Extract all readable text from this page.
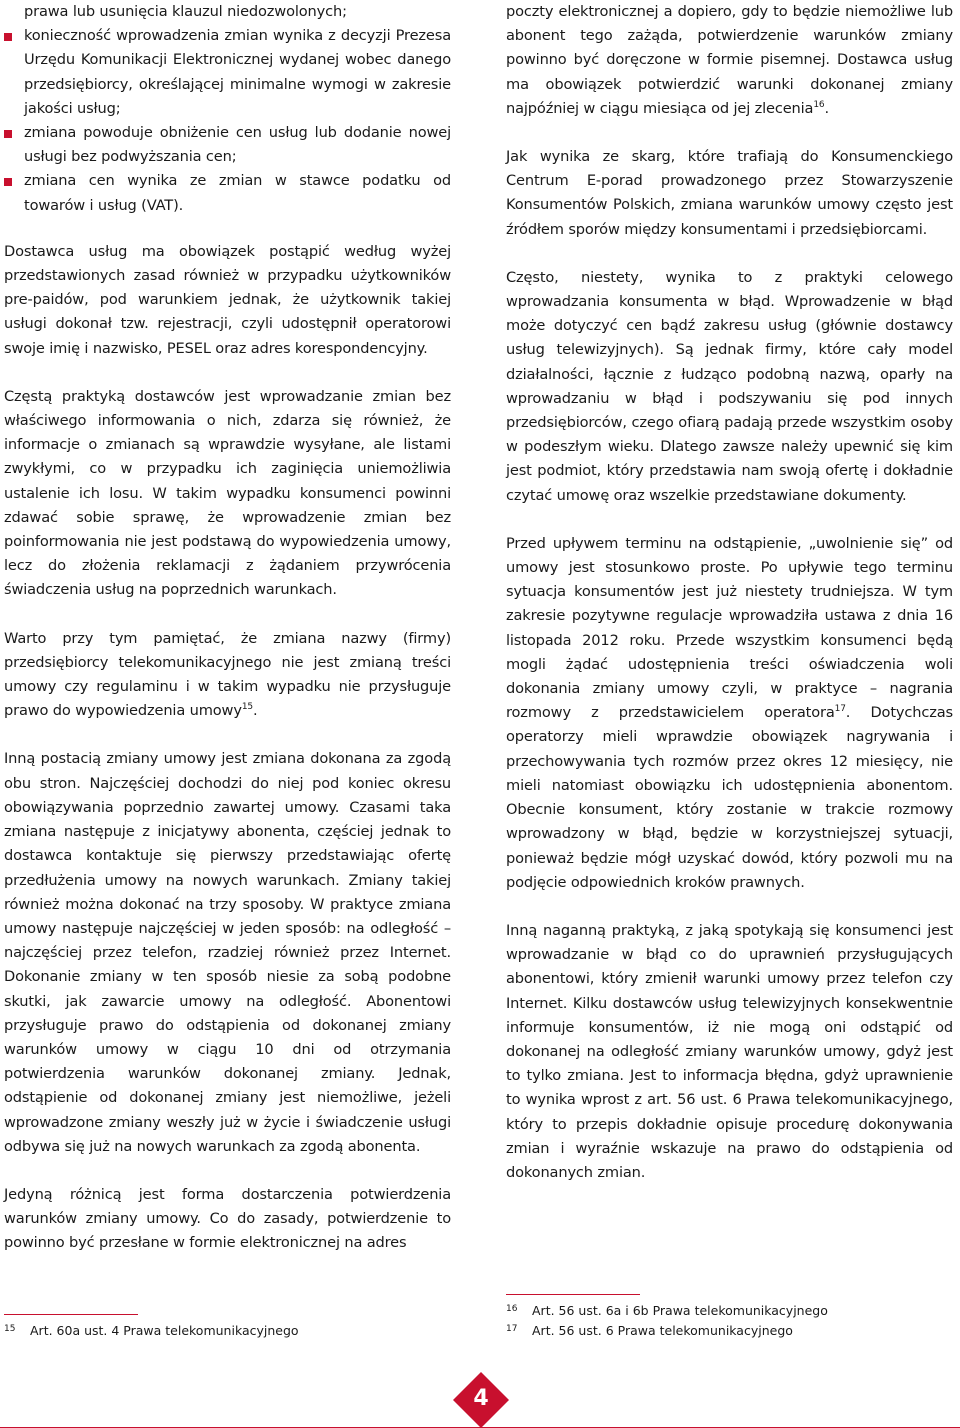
prawa lub usunięcia klauzul niedozwolonych;
konieczność wprowadzenia zmian wynika z decyzji Prezesa Urzędu Komunikacji Elektronicznej wydanej wobec danego przedsiębiorcy, określającej minimalne wymogi w zakresie jakości usług;
zmiana powoduje obniżenie cen usług lub dodanie nowej usługi bez podwyższania cen;
zmiana cen wynika ze zmian w stawce podatku od towarów i usług (VAT).

Dostawca usług ma obowiązek postąpić według wyżej przedstawionych zasad również w przypadku użytkowników pre-paidów, pod warunkiem jednak, że użytkownik takiej usługi dokonał tzw. rejestracji, czyli udostępnił operatorowi swoje imię i nazwisko, PESEL oraz adres korespondencyjny.

Częstą praktyką dostawców jest wprowadzanie zmian bez właściwego informowania o nich, zdarza się również, że informacje o zmianach są wprawdzie wysyłane, ale listami zwykłymi, co w przypadku ich zaginięcia uniemożliwia ustalenie ich losu. W takim wypadku konsumenci powinni zdawać sobie sprawę, że wprowadzenie zmian bez poinformowania nie jest podstawą do wypowiedzenia umowy, lecz do złożenia reklamacji z żądaniem przywrócenia świadczenia usług na poprzednich warunkach.

Warto przy tym pamiętać, że zmiana nazwy (firmy) przedsiębiorcy telekomunikacyjnego nie jest zmianą treści umowy czy regulaminu i w takim wypadku nie przysługuje prawo do wypowiedzenia umowy$^{15}$.

Inną postacią zmiany umowy jest zmiana dokonana za zgodą obu stron. Najczęściej dochodzi do niej pod koniec okresu obowiązywania poprzednio zawartej umowy. Czasami taka zmiana następuje z inicjatywy abonenta, częściej jednak to dostawca kontaktuje się pierwszy przedstawiając ofertę przedłużenia umowy na nowych warunkach. Zmiany takiej również można dokonać na trzy sposoby. W praktyce zmiana umowy następuje najczęściej w jeden sposób: na odległość – najczęściej przez telefon, rzadziej również przez Internet. Dokonanie zmiany w ten sposób niesie za sobą podobne skutki, jak zawarcie umowy na odległość. Abonentowi przysługuje prawo do odstąpienia od dokonanej zmiany warunków umowy w ciągu 10 dni od otrzymania potwierdzenia warunków dokonanej zmiany. Jednak, odstąpienie od dokonanej zmiany jest niemożliwe, jeżeli wprowadzone zmiany weszły już w życie i świadczenie usługi odbywa się już na nowych warunkach za zgodą abonenta.

Jedyną różnicą jest forma dostarczenia potwierdzenia warunków zmiany umowy. Co do zasady, potwierdzenie to powinno być przesłane w formie elektronicznej na adres

15 Art. 60a ust. 4 Prawa telekomunikacyjnego

poczty elektronicznej a dopiero, gdy to będzie niemożliwe lub abonent tego zażąda, potwierdzenie warunków zmiany powinno być doręczone w formie pisemnej. Dostawca usług ma obowiązek potwierdzić warunki dokonanej zmiany najpóźniej w ciągu miesiąca od jej zlecenia$^{16}$.

Jak wynika ze skarg, które trafiają do Konsumenckiego Centrum E-porad prowadzonego przez Stowarzyszenie Konsumentów Polskich, zmiana warunków umowy często jest źródłem sporów między konsumentami i przedsiębiorcami.

Często, niestety, wynika to z praktyki celowego wprowadzania konsumenta w błąd. Wprowadzenie w błąd może dotyczyć cen bądź zakresu usług (głównie dostawcy usług telewizyjnych). Są jednak firmy, które cały model działalności, łącznie z łudząco podobną nazwą, oparły na wprowadzaniu w błąd i podszywaniu się pod innych przedsiębiorców, czego ofiarą padają przede wszystkim osoby w podeszłym wieku. Dlatego zawsze należy upewnić się kim jest podmiot, który przedstawia nam swoją ofertę i dokładnie czytać umowę oraz wszelkie przedstawiane dokumenty.

Przed upływem terminu na odstąpienie, „uwolnienie się” od umowy jest stosunkowo proste. Po upływie tego terminu sytuacja konsumentów jest już niestety trudniejsza. W tym zakresie pozytywne regulacje wprowadziła ustawa z dnia 16 listopada 2012 roku. Przede wszystkim konsumenci będą mogli żądać udostępnienia treści oświadczenia woli dokonania zmiany umowy czyli, w praktyce – nagrania rozmowy z przedstawicielem operatora$^{17}$. Dotychczas operatorzy mieli wprawdzie obowiązek nagrywania i przechowywania tych rozmów przez okres 12 miesięcy, nie mieli natomiast obowiązku ich udostępnienia abonentom. Obecnie konsument, który zostanie w trakcie rozmowy wprowadzony w błąd, będzie w korzystniejszej sytuacji, ponieważ będzie mógł uzyskać dowód, który pozwoli mu na podjęcie odpowiednich kroków prawnych.

Inną naganną praktyką, z jaką spotykają się konsumenci jest wprowadzanie w błąd co do uprawnień przysługujących abonentowi, który zmienił warunki umowy przez telefon czy Internet. Kilku dostawców usług telewizyjnych konsekwentnie informuje konsumentów, iż nie mogą oni odstąpić od dokonanej na odległość zmiany warunków umowy, gdyż jest to tylko zmiana. Jest to informacja błędna, gdyż uprawnienie to wynika wprost z art. 56 ust. 6 Prawa telekomunikacyjnego, który to przepis dokładnie opisuje procedurę dokonywania zmian i wyraźnie wskazuje na prawo do odstąpienia od dokonanych zmian.

16 Art. 56 ust. 6a i 6b Prawa telekomunikacyjnego
17 Art. 56 ust. 6 Prawa telekomunikacyjnego
4
